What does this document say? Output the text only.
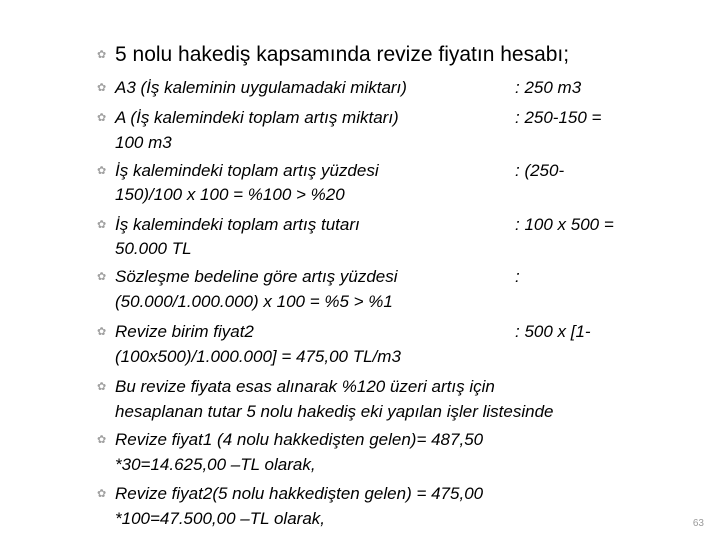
✿ 5 nolu hakediş kapsamında revize fiyatın hesabı;
✿ A3 (İş kaleminin uygulamadaki miktarı)	: 250 m3
✿ A (İş kalemindeki toplam artış miktarı)	: 250-150 =
100 m3
✿ İş kalemindeki toplam artış yüzdesi	: (250-
150)/100 x 100 = %100 > %20
✿ İş kalemindeki toplam artış tutarı	: 100 x 500 =
50.000 TL
✿ Sözleşme bedeline göre artış yüzdesi	:
(50.000/1.000.000) x 100 = %5 > %1
✿ Revize birim fiyat2	: 500 x [1-
(100x500)/1.000.000] = 475,00 TL/m3
✿ Bu revize fiyata esas alınarak %120 üzeri artış için
hesaplanan tutar 5 nolu hakediş eki yapılan işler listesinde
✿ Revize fiyat1 (4 nolu hakkedişten gelen)= 487,50
*30=14.625,00 –TL olarak,
✿ Revize fiyat2(5 nolu hakkedişten gelen) = 475,00
*100=47.500,00 –TL olarak,	63
